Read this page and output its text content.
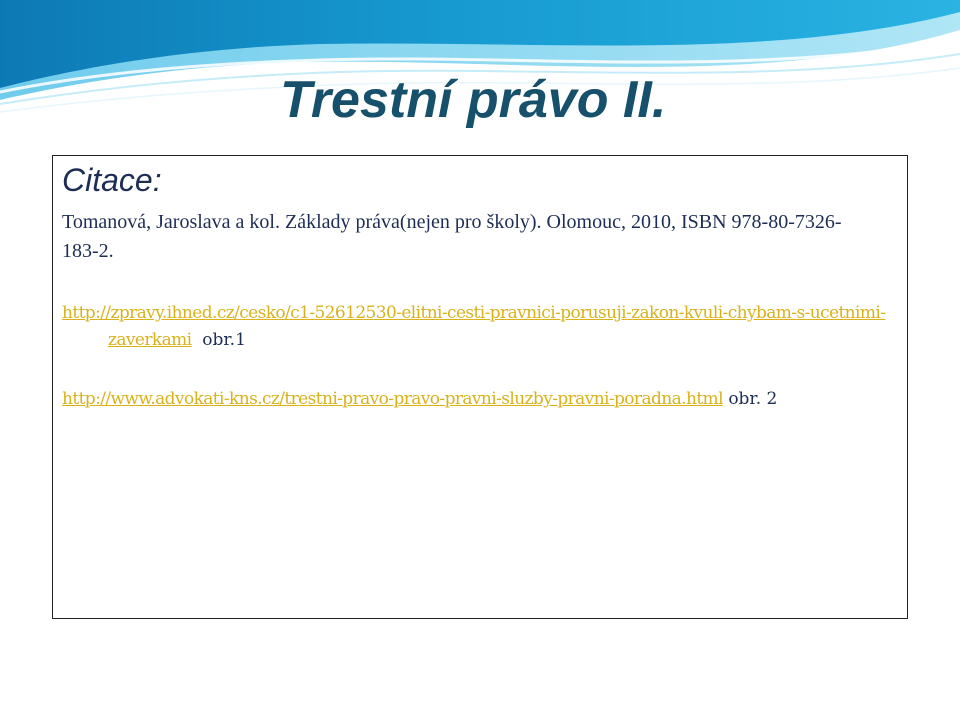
Trestní právo II.
Citace:

Tomanová, Jaroslava a kol. Základy práva(nejen pro školy). Olomouc, 2010, ISBN 978-80-7326-183-2.

http://zpravy.ihned.cz/cesko/c1-52612530-elitni-cesti-pravnici-porusuji-zakon-kvuli-chybam-s-ucetnimi-zaverkami obr.1

http://www.advokati-kns.cz/trestni-pravo-pravo-pravni-sluzby-pravni-poradna.html obr. 2
